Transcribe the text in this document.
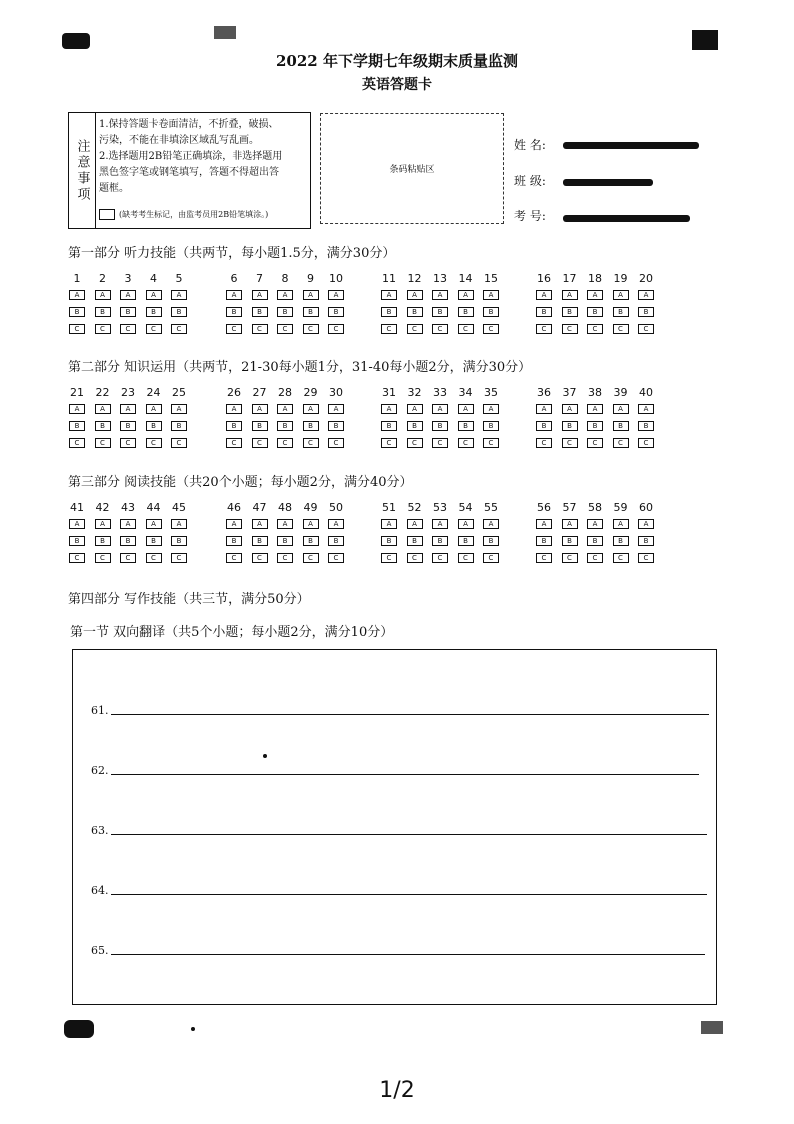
2022 年下学期七年级期末质量监测
英语答题卡
注意事项
1.保持答题卡卷面清洁，不折叠，破损、
污染，不能在非填涂区域乱写乱画。
2.选择题用2B铅笔正确填涂，非选择题用
黑色签字笔或钢笔填写，答题不得超出答
题框。
(缺考考生标记，由监考员用2B铅笔填涂。)
条码粘贴区
姓 名:
班 级:
考 号:
第一部分 听力技能（共两节，每小题1.5分，满分30分）
1
A
B
C
2
A
B
C
3
A
B
C
4
A
B
C
5
A
B
C
6
A
B
C
7
A
B
C
8
A
B
C
9
A
B
C
10
A
B
C
11
A
B
C
12
A
B
C
13
A
B
C
14
A
B
C
15
A
B
C
16
A
B
C
17
A
B
C
18
A
B
C
19
A
B
C
20
A
B
C
第二部分 知识运用（共两节，21-30每小题1分，31-40每小题2分，满分30分）
21
A
B
C
22
A
B
C
23
A
B
C
24
A
B
C
25
A
B
C
26
A
B
C
27
A
B
C
28
A
B
C
29
A
B
C
30
A
B
C
31
A
B
C
32
A
B
C
33
A
B
C
34
A
B
C
35
A
B
C
36
A
B
C
37
A
B
C
38
A
B
C
39
A
B
C
40
A
B
C
第三部分 阅读技能（共20个小题；每小题2分，满分40分）
41
A
B
C
42
A
B
C
43
A
B
C
44
A
B
C
45
A
B
C
46
A
B
C
47
A
B
C
48
A
B
C
49
A
B
C
50
A
B
C
51
A
B
C
52
A
B
C
53
A
B
C
54
A
B
C
55
A
B
C
56
A
B
C
57
A
B
C
58
A
B
C
59
A
B
C
60
A
B
C
第四部分 写作技能（共三节，满分50分）
第一节 双向翻译（共5个小题；每小题2分，满分10分）
61.
62.
63.
64.
65.
1/2
